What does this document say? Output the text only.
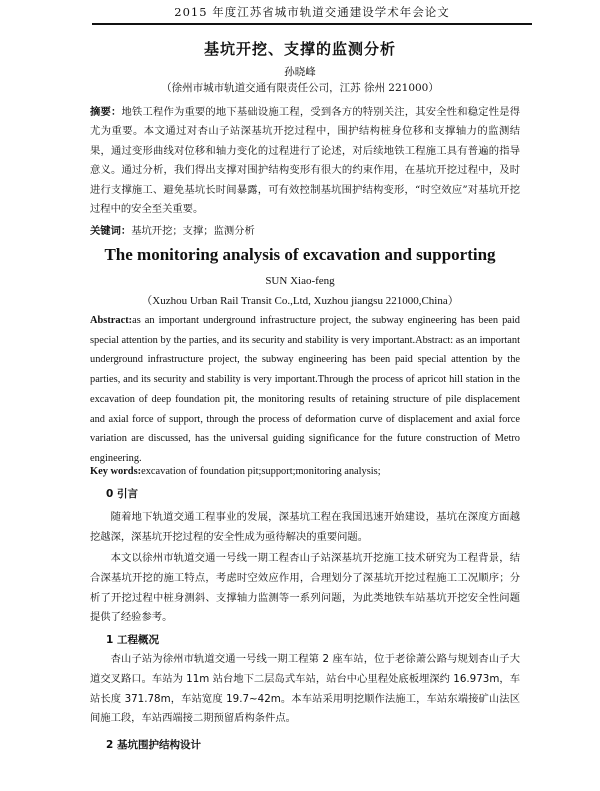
2015 年度江苏省城市轨道交通建设学术年会论文
基坑开挖、支撑的监测分析
孙晓峰
（徐州市城市轨道交通有限责任公司，江苏 徐州 221000）

摘要：地铁工程作为重要的地下基础设施工程，受到各方的特别关注，其安全性和稳定性是得尤为重要。本文通过对杏山子站深基坑开挖过程中，围护结构桩身位移和支撑轴力的监测结果，通过变形曲线对位移和轴力变化的过程进行了论述，对后续地铁工程施工具有普遍的指导意义。通过分析，我们得出支撑对围护结构变形有很大的约束作用，在基坑开挖过程中，及时进行支撑施工、避免基坑长时间暴露，可有效控制基坑围护结构变形，“时空效应”对基坑开挖过程中的安全至关重要。

关键词：基坑开挖；支撑；监测分析

The monitoring analysis of excavation and supporting
SUN Xiao-feng
（Xuzhou Urban Rail Transit Co.,Ltd, Xuzhou jiangsu 221000,China）

Abstract:as an important underground infrastructure project, the subway engineering has been paid special attention by the parties, and its security and stability is very important.Abstract: as an important underground infrastructure project, the subway engineering has been paid special attention by the parties, and its security and stability is very important.Through the process of apricot hill station in the excavation of deep foundation pit, the monitoring results of retaining structure of pile displacement and axial force of support, through the process of deformation curve of displacement and axial force variation are discussed, has the universal guiding significance for the future construction of Metro engineering.

Key words:excavation of foundation pit;support;monitoring analysis;

0 引言

随着地下轨道交通工程事业的发展，深基坑工程在我国迅速开始建设，基坑在深度方面越挖越深，深基坑开挖过程的安全性成为亟待解决的重要问题。

本文以徐州市轨道交通一号线一期工程杏山子站深基坑开挖施工技术研究为工程背景，结合深基坑开挖的施工特点，考虑时空效应作用，合理划分了深基坑开挖过程施工工况顺序；分析了开挖过程中桩身测斜、支撑轴力监测等一系列问题，为此类地铁车站基坑开挖安全性问题提供了经验参考。

1 工程概况

杏山子站为徐州市轨道交通一号线一期工程第 2 座车站，位于老徐萧公路与规划杏山子大道交叉路口。车站为 11m 站台地下二层岛式车站，站台中心里程处底板埋深约 16.973m，车站长度 371.78m，车站宽度 19.7~42m。本车站采用明挖顺作法施工，车站东端接矿山法区间施工段，车站西端接二期预留盾构条件点。

2 基坑围护结构设计
